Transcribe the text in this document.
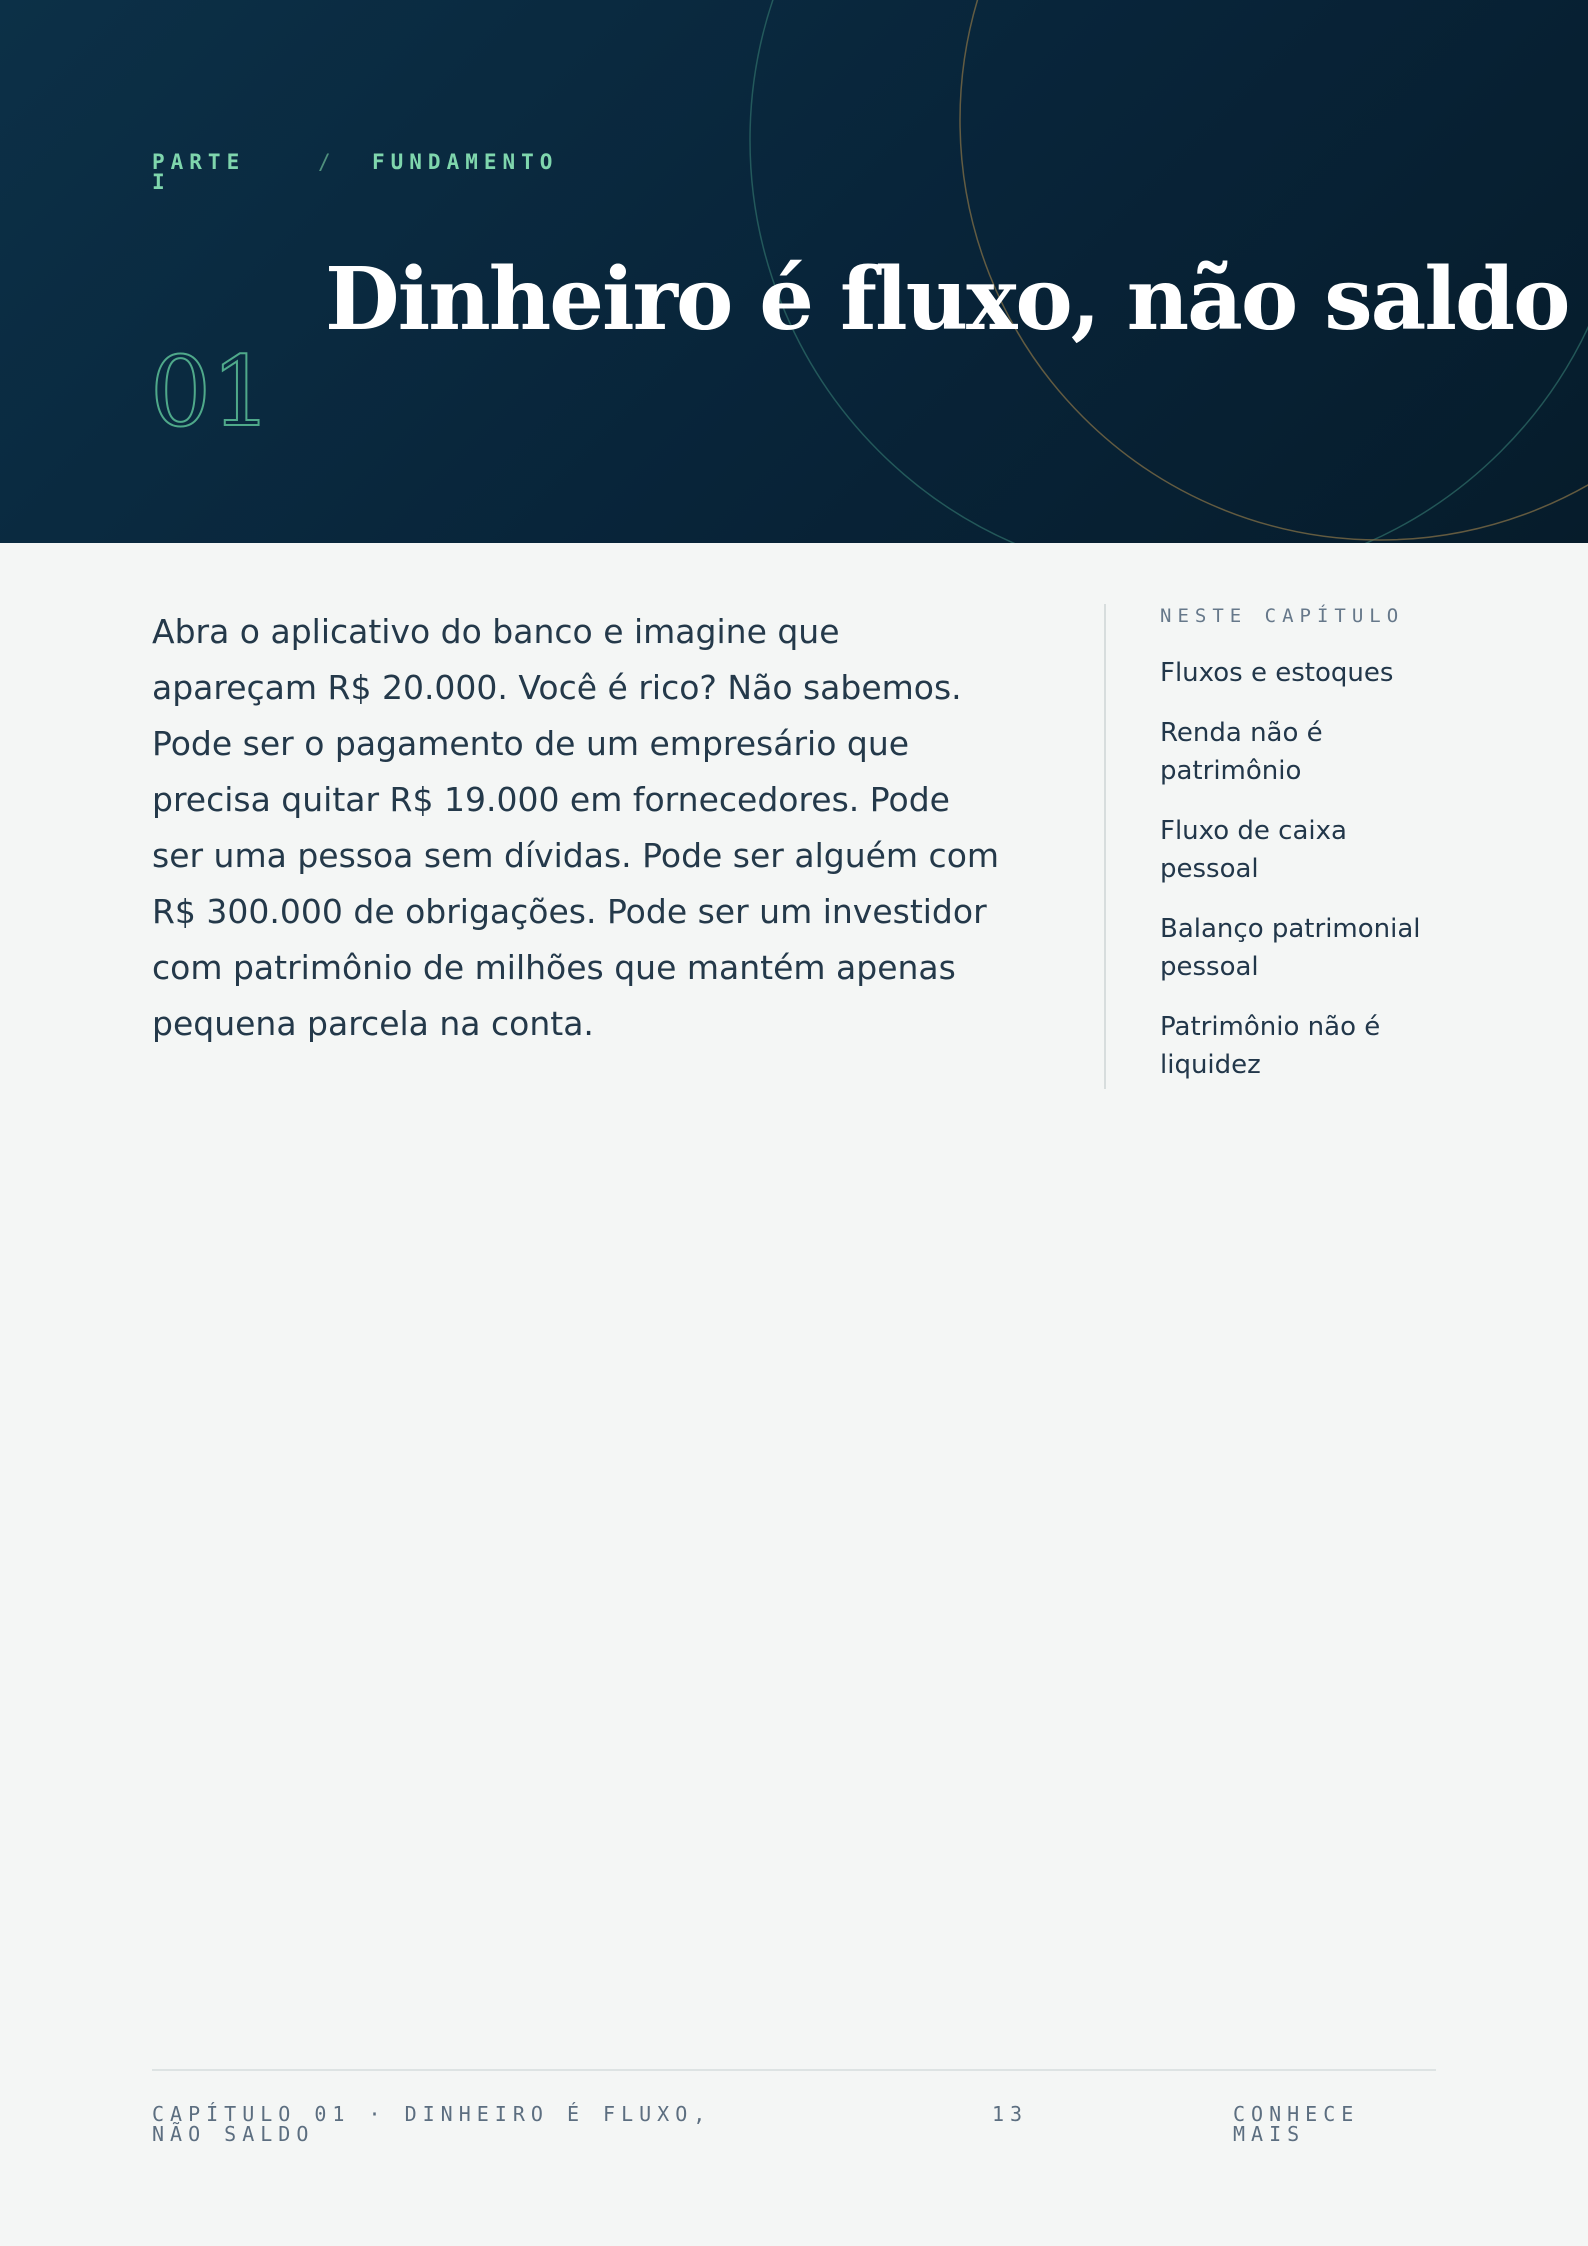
PARTE I
/ FUNDAMENTO
01
Dinheiro é fluxo, não saldo

Abra o aplicativo do banco e imagine que apareçam R$ 20.000. Você é rico? Não sabemos. Pode ser o pagamento de um empresário que precisa quitar R$ 19.000 em fornecedores. Pode ser uma pessoa sem dívidas. Pode ser alguém com R$ 300.000 de obrigações. Pode ser um investidor com patrimônio de milhões que mantém apenas pequena parcela na conta.

NESTE CAPÍTULO
Fluxos e estoques
Renda não é patrimônio
Fluxo de caixa pessoal
Balanço patrimonial pessoal
Patrimônio não é liquidez
CAPÍTULO 01 · DINHEIRO É FLUXO, NÃO SALDO
13	CONHECE MAIS
